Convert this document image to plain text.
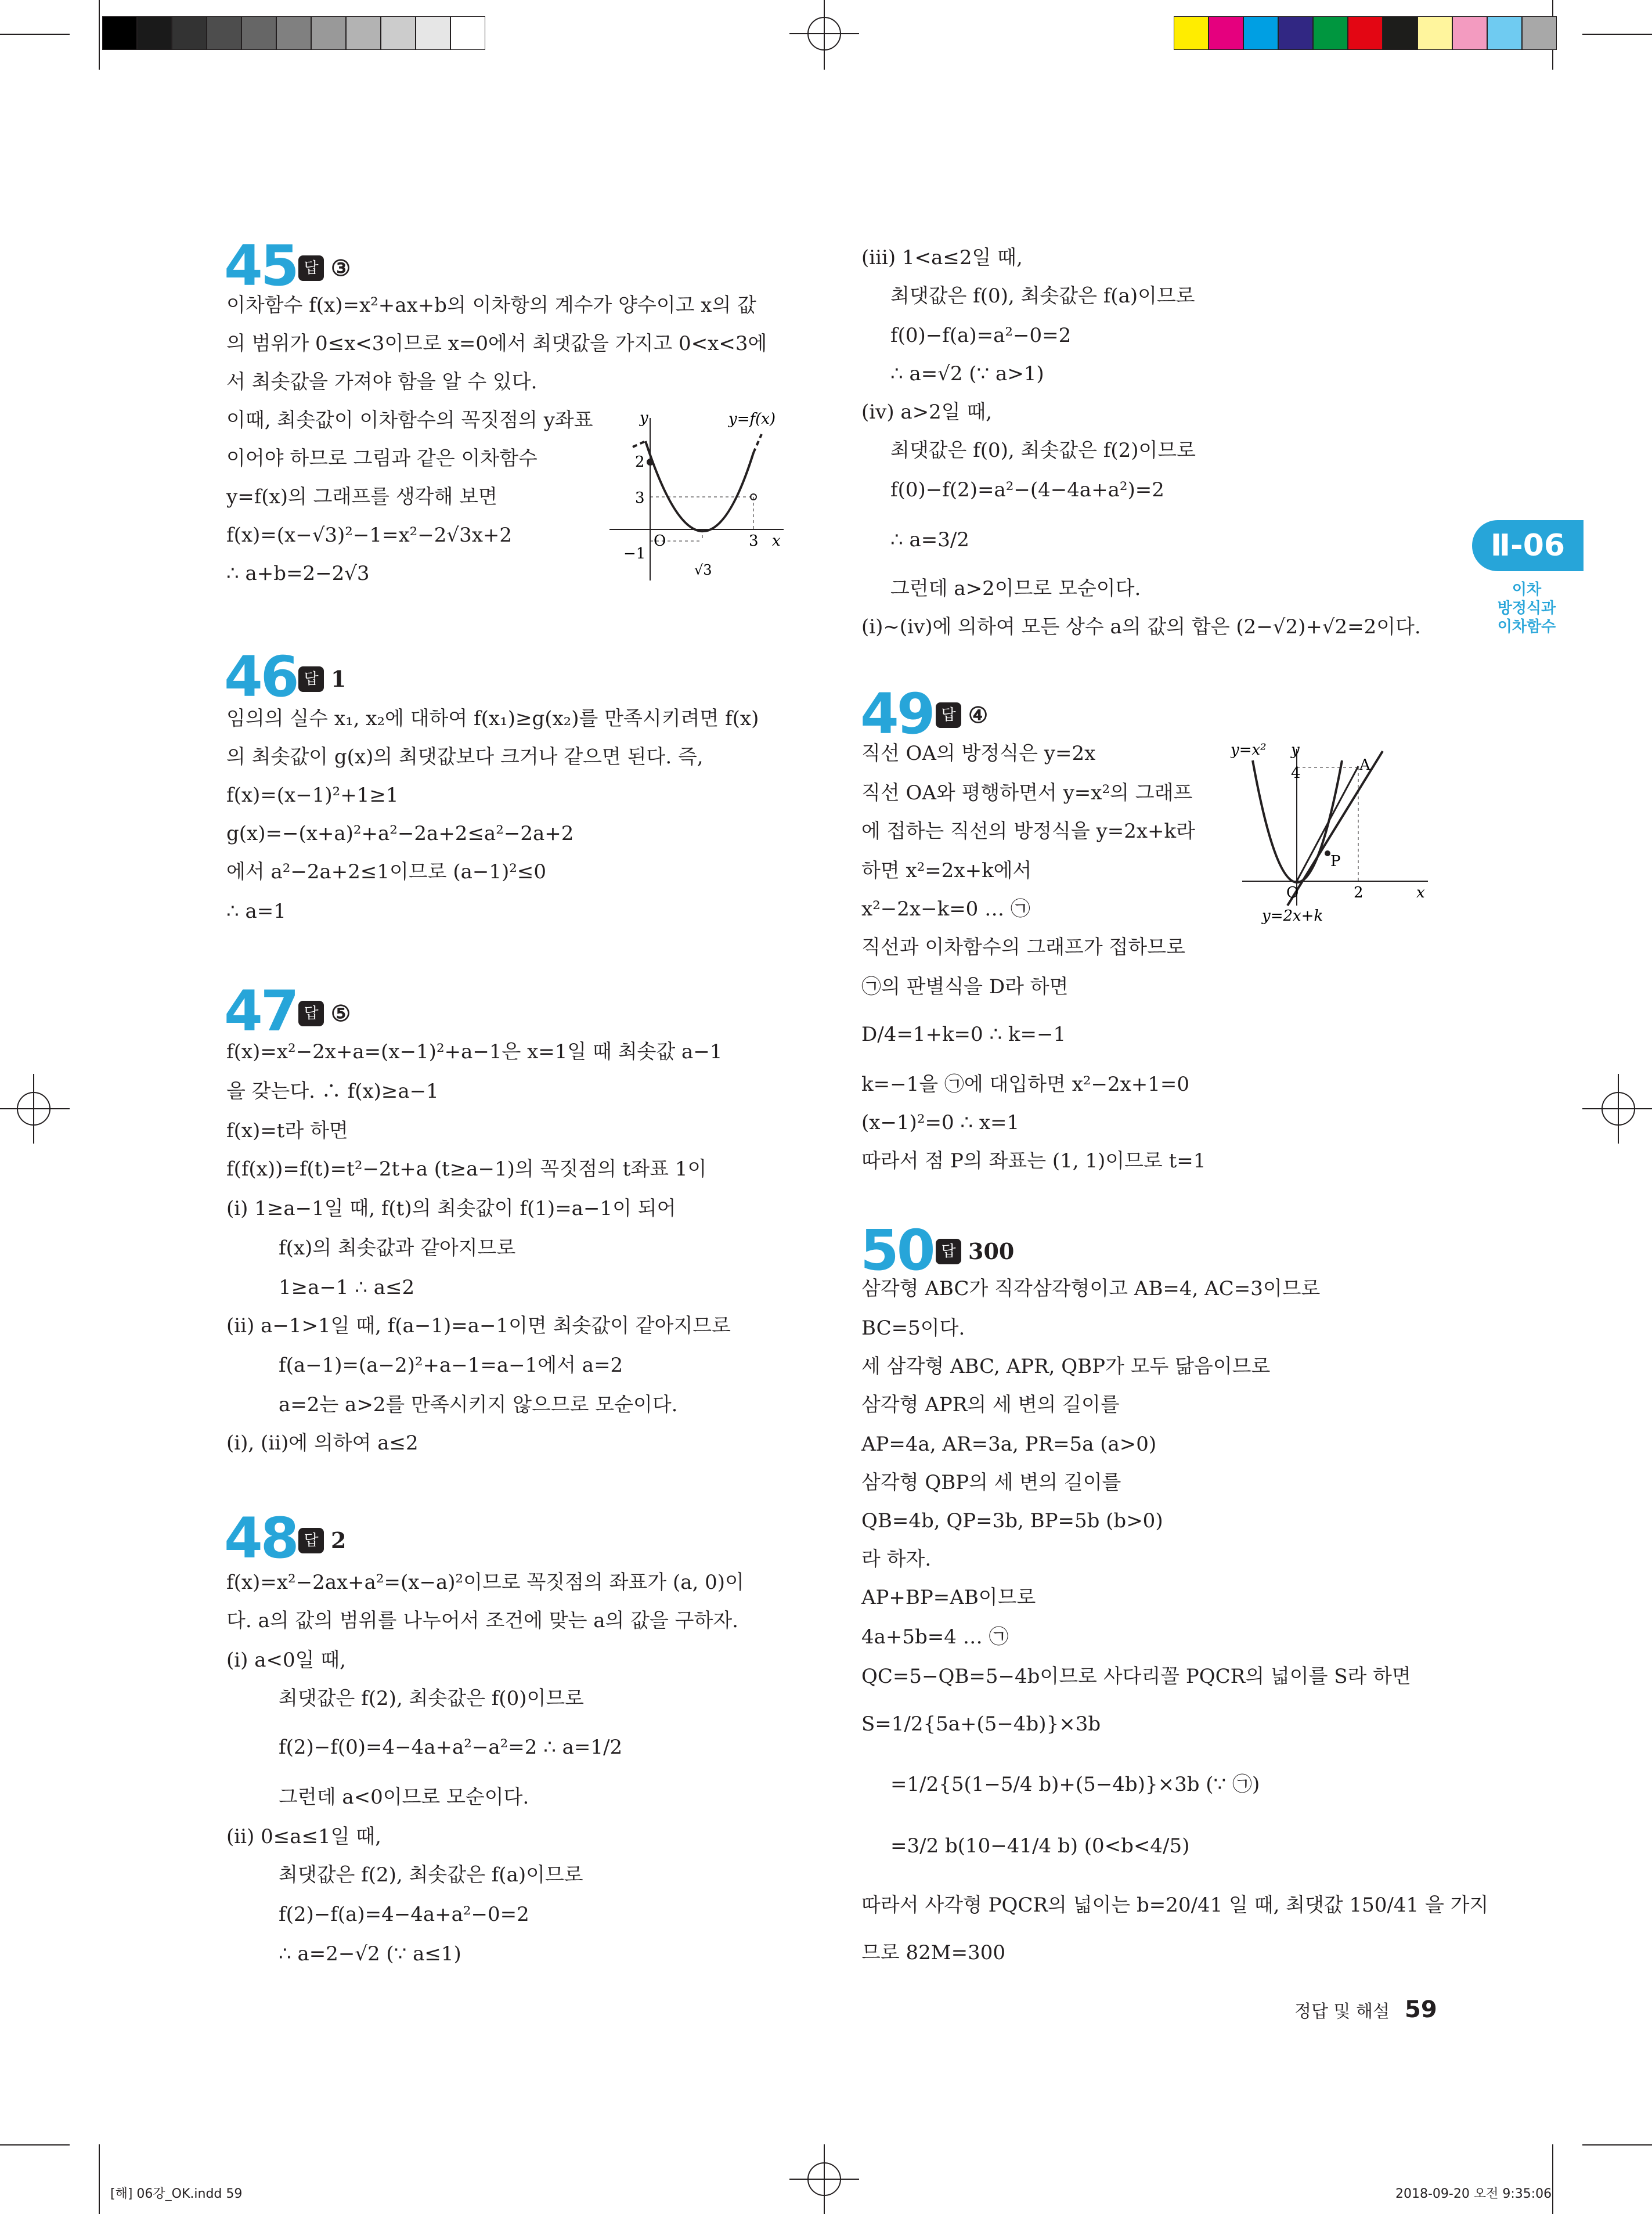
Ⅱ-06
이차
방정식과
이차함수
45 답 ③
이차함수 f(x)=x²+ax+b의 이차항의 계수가 양수이고 x의 값
의 범위가 0≤x<3이므로 x=0에서 최댓값을 가지고 0<x<3에
서 최솟값을 가져야 함을 알 수 있다.
이때, 최솟값이 이차함수의 꼭짓점의 y좌표
이어야 하므로 그림과 같은 이차함수
y=f(x)의 그래프를 생각해 보면
f(x)=(x−√3)²−1=x²−2√3x+2
∴ a+b=2−2√3
y	y=f(x)
2
3
O	3 x
−1
√3
46 답 1
임의의 실수 x₁, x₂에 대하여 f(x₁)≥g(x₂)를 만족시키려면 f(x)
의 최솟값이 g(x)의 최댓값보다 크거나 같으면 된다. 즉,
f(x)=(x−1)²+1≥1
g(x)=−(x+a)²+a²−2a+2≤a²−2a+2
에서 a²−2a+2≤1이므로 (a−1)²≤0
∴ a=1
47 답 ⑤
f(x)=x²−2x+a=(x−1)²+a−1은 x=1일 때 최솟값 a−1
을 갖는다. ∴ f(x)≥a−1
f(x)=t라 하면
f(f(x))=f(t)=t²−2t+a (t≥a−1)의 꼭짓점의 t좌표 1이
(ⅰ) 1≥a−1일 때, f(t)의 최솟값이 f(1)=a−1이 되어
f(x)의 최솟값과 같아지므로
1≥a−1 ∴ a≤2
(ⅱ) a−1>1일 때, f(a−1)=a−1이면 최솟값이 같아지므로
f(a−1)=(a−2)²+a−1=a−1에서 a=2
a=2는 a>2를 만족시키지 않으므로 모순이다.
(ⅰ), (ⅱ)에 의하여 a≤2
48 답 2
f(x)=x²−2ax+a²=(x−a)²이므로 꼭짓점의 좌표가 (a, 0)이
다. a의 값의 범위를 나누어서 조건에 맞는 a의 값을 구하자.
(ⅰ) a<0일 때,
최댓값은 f(2), 최솟값은 f(0)이므로
f(2)−f(0)=4−4a+a²−a²=2 ∴ a=1/2
그런데 a<0이므로 모순이다.
(ⅱ) 0≤a≤1일 때,
최댓값은 f(2), 최솟값은 f(a)이므로
f(2)−f(a)=4−4a+a²−0=2
∴ a=2−√2 (∵ a≤1)
(ⅲ) 1<a≤2일 때,
최댓값은 f(0), 최솟값은 f(a)이므로
f(0)−f(a)=a²−0=2
∴ a=√2 (∵ a>1)
(ⅳ) a>2일 때,
최댓값은 f(0), 최솟값은 f(2)이므로
f(0)−f(2)=a²−(4−4a+a²)=2
∴ a=3/2
그런데 a>2이므로 모순이다.
(ⅰ)~(ⅳ)에 의하여 모든 상수 a의 값의 합은 (2−√2)+√2=2이다.
49 답 ④
직선 OA의 방정식은 y=2x
직선 OA와 평행하면서 y=x²의 그래프
에 접하는 직선의 방정식을 y=2x+k라
하면 x²=2x+k에서
x²−2x−k=0 … ㉠
직선과 이차함수의 그래프가 접하므로
㉠의 판별식을 D라 하면
D/4=1+k=0 ∴ k=−1
k=−1을 ㉠에 대입하면 x²−2x+1=0
(x−1)²=0 ∴ x=1
따라서 점 P의 좌표는 (1, 1)이므로 t=1
y=x² y
4	A
P
O	2	x
y=2x+k
50 답 300
삼각형 ABC가 직각삼각형이고 AB=4, AC=3이므로
BC=5이다.
세 삼각형 ABC, APR, QBP가 모두 닮음이므로
삼각형 APR의 세 변의 길이를
AP=4a, AR=3a, PR=5a (a>0)
삼각형 QBP의 세 변의 길이를
QB=4b, QP=3b, BP=5b (b>0)
라 하자.
AP+BP=AB이므로
4a+5b=4 … ㉠
QC=5−QB=5−4b이므로 사다리꼴 PQCR의 넓이를 S라 하면
S=1/2{5a+(5−4b)}×3b
=1/2{5(1−5/4 b)+(5−4b)}×3b (∵ ㉠)
=3/2 b(10−41/4 b) (0<b<4/5)
따라서 사각형 PQCR의 넓이는 b=20/41 일 때, 최댓값 150/41 을 가지
므로 82M=300
정답 및 해설 59
[해] 06강_OK.indd 59	2018-09-20 오전 9:35:06
